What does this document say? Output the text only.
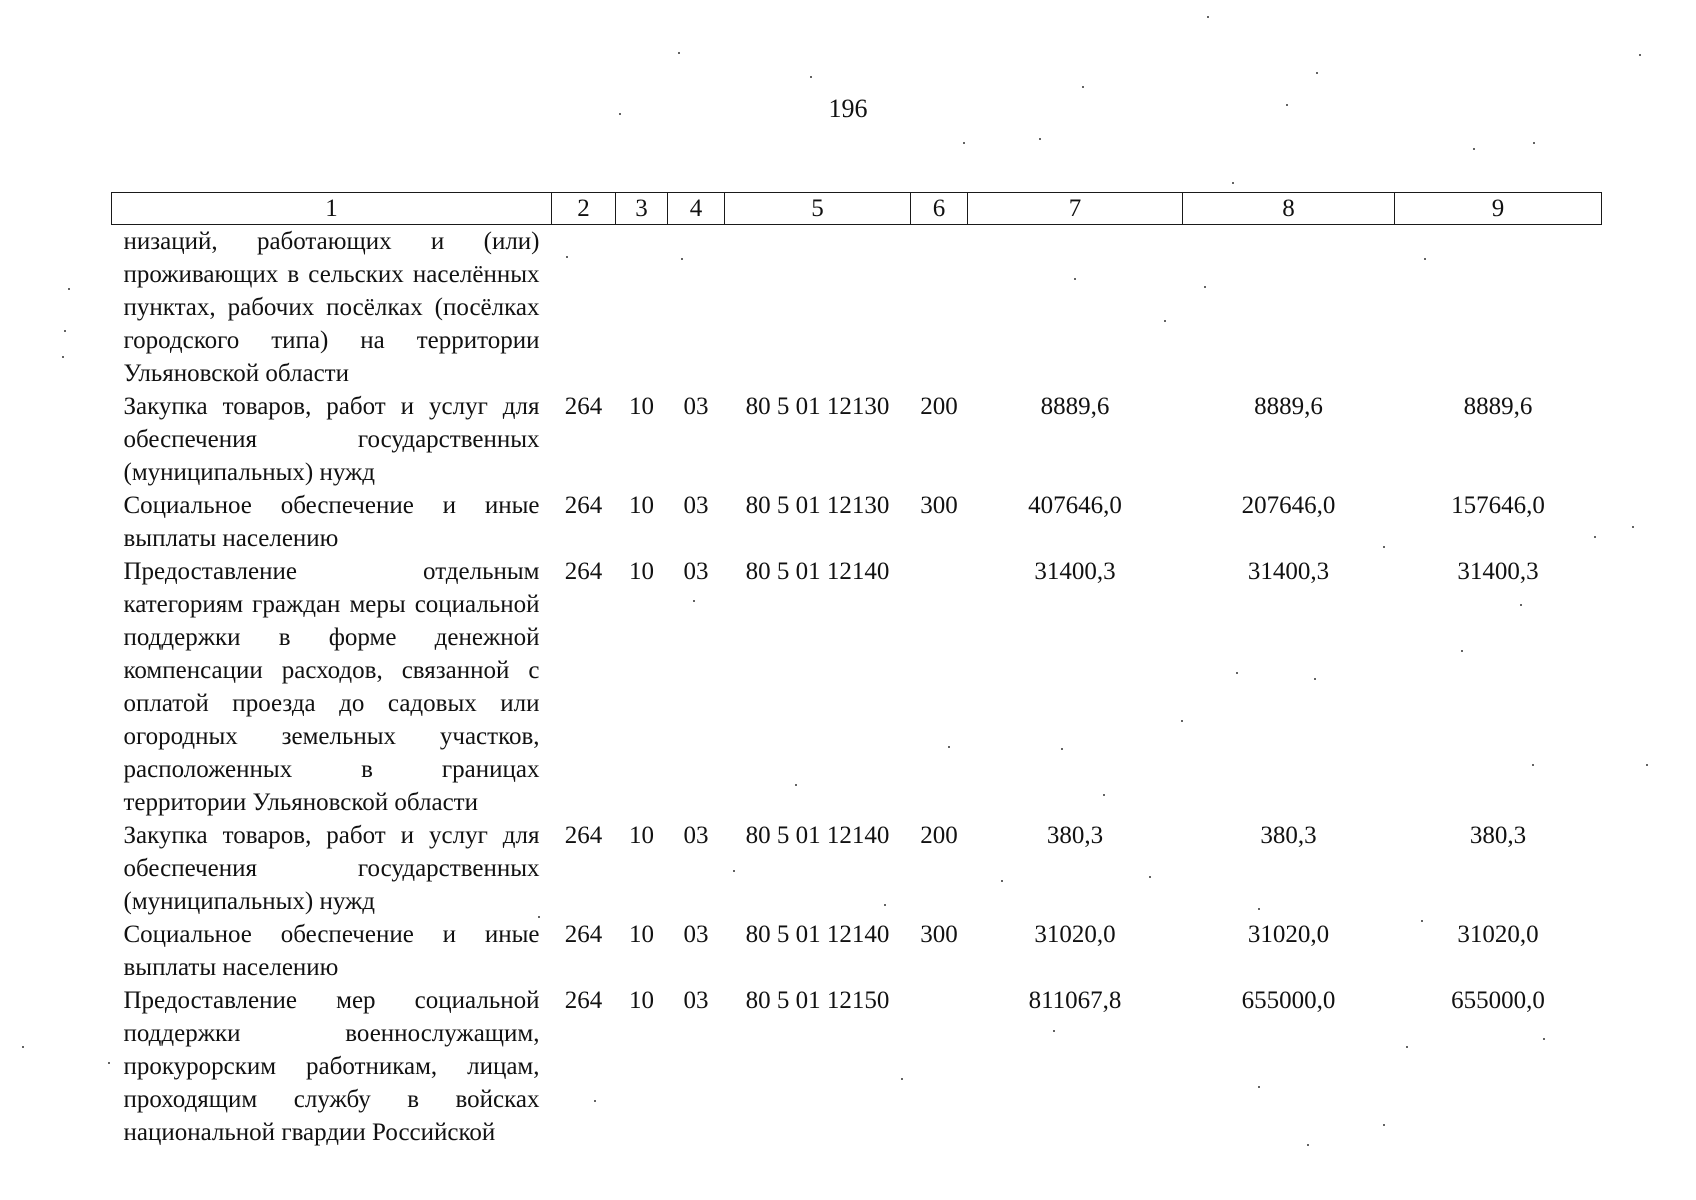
196
1	2	3	4	5	6	7	8	9
низаций, работающих и (или) проживающих в сельских населённых пунктах, рабочих посёлках (посёлках городского типа) на территории Ульяновской области								
Закупка товаров, работ и услуг для обеспечения государственных (муниципальных) нужд	264	10	03	80 5 01 12130	200	8889,6	8889,6	8889,6
Социальное обеспечение и иные выплаты населению	264	10	03	80 5 01 12130	300	407646,0	207646,0	157646,0
Предоставление отдельным категориям граждан меры социальной поддержки в форме денежной компенсации расходов, связанной с оплатой проезда до садовых или огородных земельных участков, расположенных в границах территории Ульяновской области	264	10	03	80 5 01 12140		31400,3	31400,3	31400,3
Закупка товаров, работ и услуг для обеспечения государственных (муниципальных) нужд	264	10	03	80 5 01 12140	200	380,3	380,3	380,3
Социальное обеспечение и иные выплаты населению	264	10	03	80 5 01 12140	300	31020,0	31020,0	31020,0
Предоставление мер социальной поддержки военнослужащим, прокурорским работникам, лицам, проходящим службу в войсках национальной гвардии Российской	264	10	03	80 5 01 12150		811067,8	655000,0	655000,0
